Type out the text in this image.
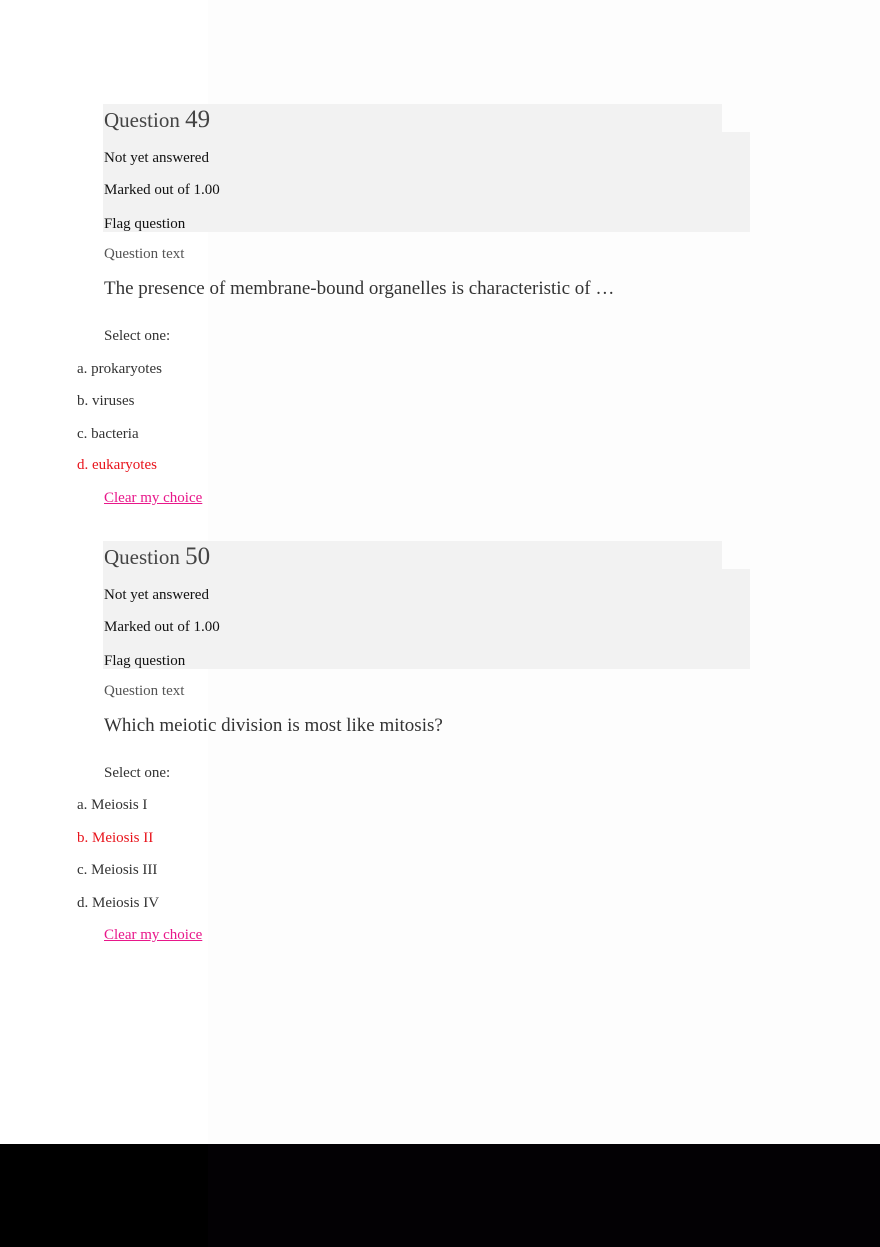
Question 49
Not yet answered
Marked out of 1.00
Flag question
Question text
The presence of membrane-bound organelles is characteristic of …
Select one:
a. prokaryotes
b. viruses
c. bacteria
d. eukaryotes
Clear my choice
Question 50
Not yet answered
Marked out of 1.00
Flag question
Question text
Which meiotic division is most like mitosis?
Select one:
a. Meiosis I
b. Meiosis II
c. Meiosis III
d. Meiosis IV
Clear my choice
